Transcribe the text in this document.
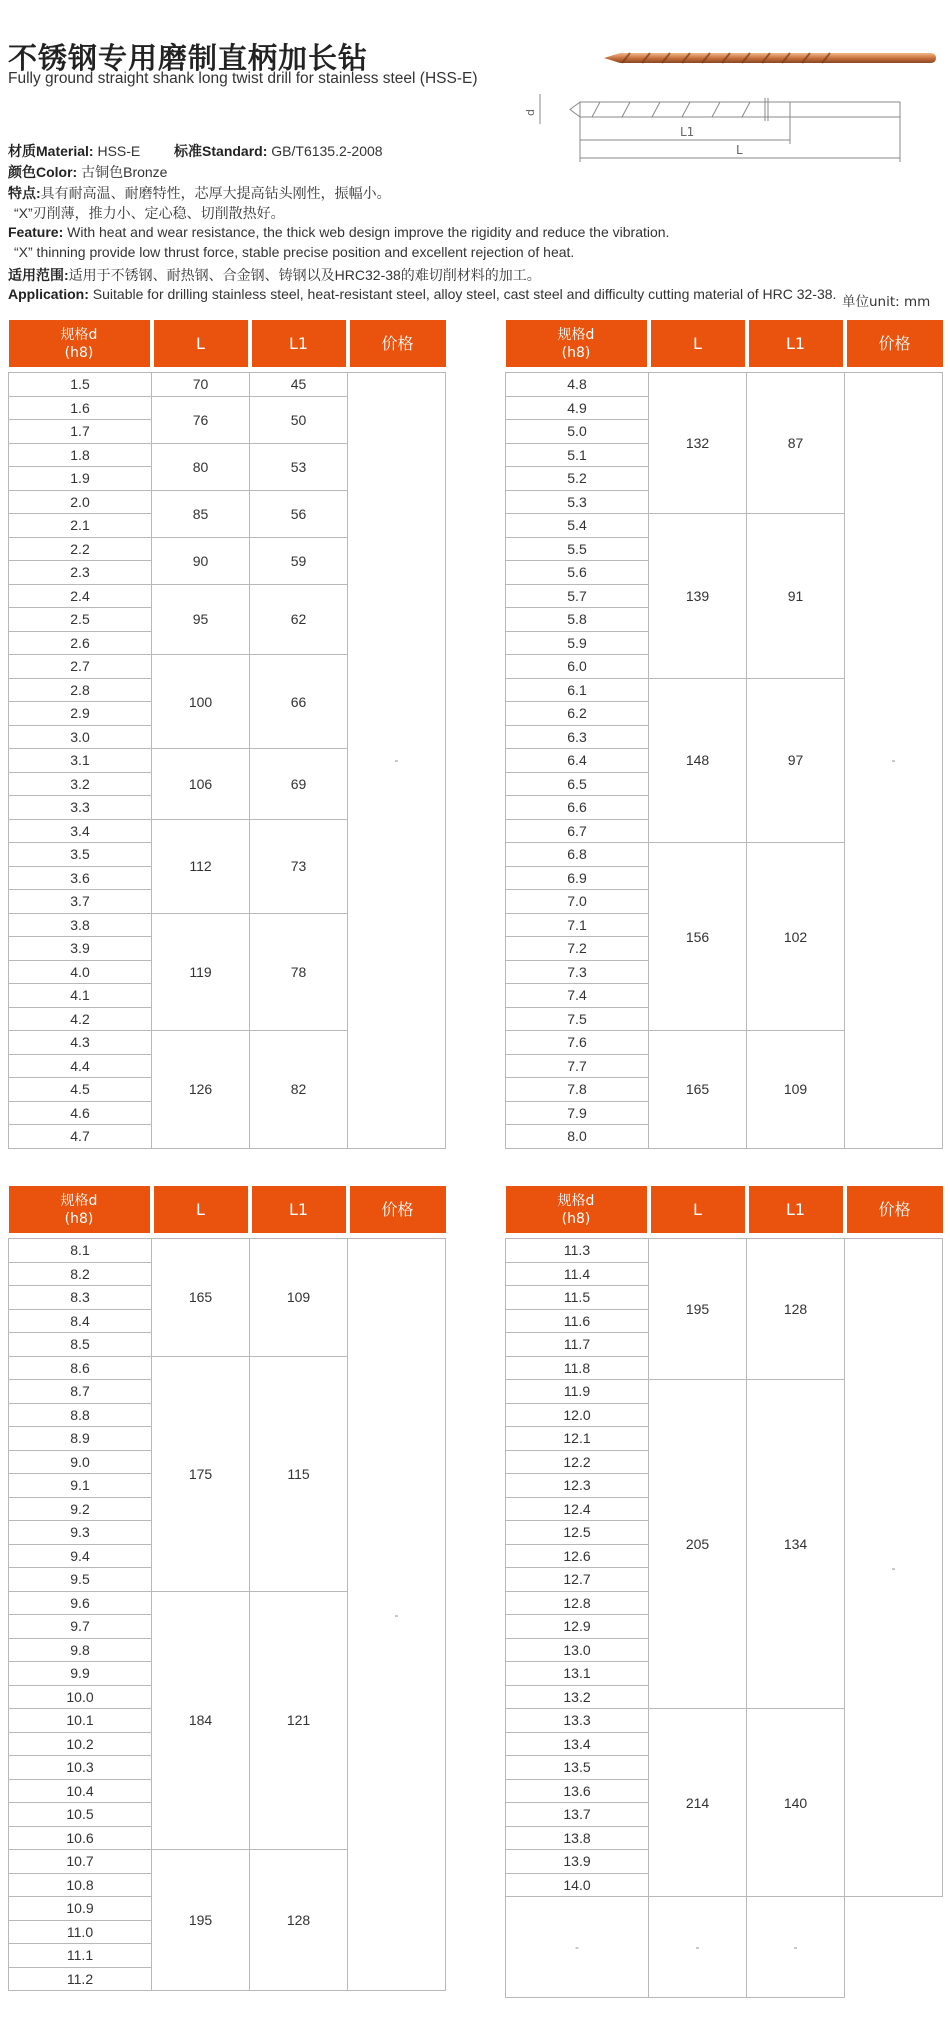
不锈钢专用磨制直柄加长钻
Fully ground straight shank long twist drill for stainless steel (HSS-E)
d
L1
L
材质Material: HSS-E 标准Standard: GB/T6135.2-2008
颜色Color: 古铜色Bronze
特点:具有耐高温、耐磨特性，芯厚大提高钻头刚性，振幅小。
“X”刃削薄，推力小、定心稳、切削散热好。
Feature: With heat and wear resistance, the thick web design improve the rigidity and reduce the vibration.
“X” thinning provide low thrust force, stable precise position and excellent rejection of heat.
适用范围:适用于不锈钢、耐热钢、合金钢、铸钢以及HRC32-38的难切削材料的加工。
Application: Suitable for drilling stainless steel, heat-resistant steel, alloy steel, cast steel and difficulty cutting material of HRC 32-38. 单位unit: mm
规格d
(h8)	L	L1	价格

1.5	70	45	-
1.6	76	50	
1.7			
1.8	80	53	
1.9			
2.0	85	56	
2.1			
2.2	90	59	
2.3			
2.4	95	62	
2.5			
2.6			
2.7	100	66	
2.8			
2.9			
3.0			
3.1	106	69	
3.2			
3.3			
3.4	112	73	
3.5			
3.6			
3.7			
3.8	119	78	
3.9			
4.0			
4.1			
4.2			
4.3	126	82	
4.4			
4.5			
4.6			
4.7			
规格d
(h8)	L	L1	价格

4.8	132	87	-
4.9			
5.0			
5.1			
5.2			
5.3			
5.4	139	91	
5.5			
5.6			
5.7			
5.8			
5.9			
6.0			
6.1	148	97	
6.2			
6.3			
6.4			
6.5			
6.6			
6.7			
6.8	156	102	
6.9			
7.0			
7.1			
7.2			
7.3			
7.4			
7.5			
7.6	165	109	
7.7			
7.8			
7.9			
8.0			
规格d
(h8)	L	L1	价格

8.1	165	109	-
8.2			
8.3			
8.4			
8.5			
8.6	175	115	
8.7			
8.8			
8.9			
9.0			
9.1			
9.2			
9.3			
9.4			
9.5			
9.6	184	121	
9.7			
9.8			
9.9			
10.0			
10.1			
10.2			
10.3			
10.4			
10.5			
10.6			
10.7	195	128	
10.8			
10.9			
11.0			
11.1			
11.2			
规格d
(h8)	L	L1	价格

11.3	195	128	-
11.4			
11.5			
11.6			
11.7			
11.8			
11.9	205	134	
12.0			
12.1			
12.2			
12.3			
12.4			
12.5			
12.6			
12.7			
12.8			
12.9			
13.0			
13.1			
13.2			
13.3	214	140	
13.4			
13.5			
13.6			
13.7			
13.8			
13.9			
14.0			
-	-	-	
